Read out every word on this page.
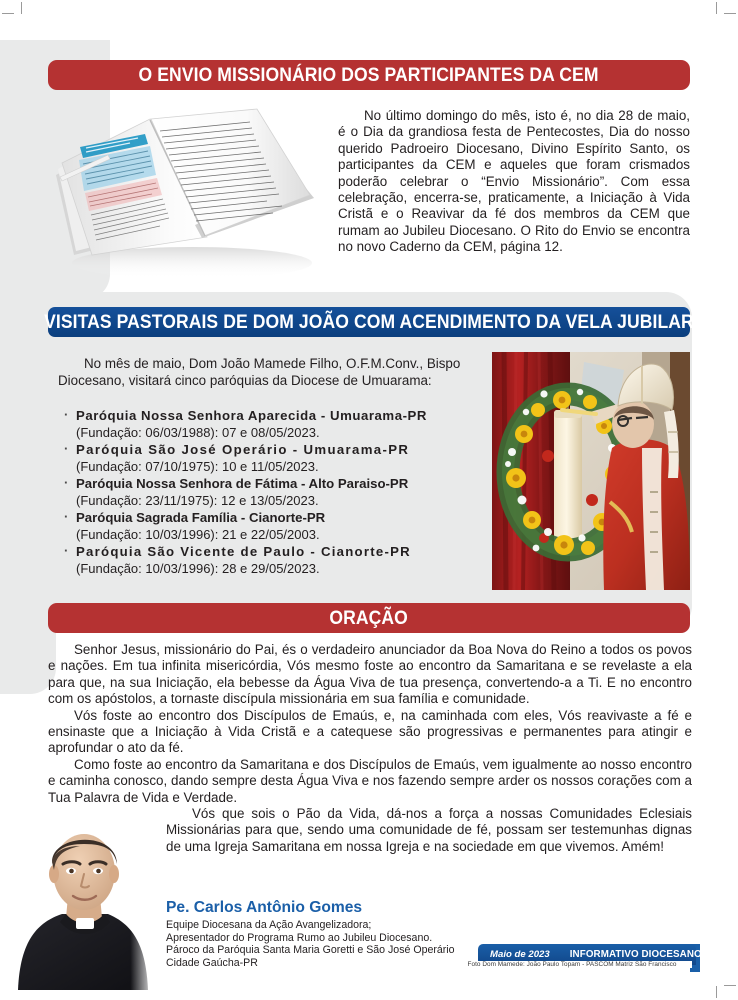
O ENVIO MISSIONÁRIO DOS PARTICIPANTES DA CEM
No último domingo do mês, isto é, no dia 28 de maio, é o Dia da grandiosa festa de Pentecostes, Dia do nosso querido Padroeiro Diocesano, Divino Espírito Santo, os participantes da CEM e aqueles que foram crismados poderão celebrar o “Envio Missionário”. Com essa celebração, encerra-se, praticamente, a Iniciação à Vida Cristã e o Reavivar da fé dos membros da CEM que rumam ao Jubileu Diocesano. O Rito do Envio se encontra no novo Caderno da CEM, página 12.
VISITAS PASTORAIS DE DOM JOÃO COM ACENDIMENTO DA VELA JUBILAR
No mês de maio, Dom João Mamede Filho, O.F.M.Conv., Bispo Diocesano, visitará cinco paróquias da Diocese de Umuarama:
· Paróquia Nossa Senhora Aparecida - Umuarama-PR
(Fundação: 06/03/1988): 07 e 08/05/2023.
· Paróquia São José Operário - Umuarama-PR
(Fundação: 07/10/1975): 10 e 11/05/2023.
· Paróquia Nossa Senhora de Fátima - Alto Paraiso-PR
(Fundação: 23/11/1975): 12 e 13/05/2023.
· Paróquia Sagrada Família - Cianorte-PR
(Fundação: 10/03/1996): 21 e 22/05/2003.
· Paróquia São Vicente de Paulo - Cianorte-PR
(Fundação: 10/03/1996): 28 e 29/05/2023.
ORAÇÃO

Senhor Jesus, missionário do Pai, és o verdadeiro anunciador da Boa Nova do Reino a todos os povos e nações. Em tua infinita misericórdia, Vós mesmo foste ao encontro da Samaritana e se revelaste a ela para que, na sua Iniciação, ela bebesse da Água Viva de tua presença, convertendo-a a Ti. E no encontro com os apóstolos, a tornaste discípula missionária em sua família e comunidade.

Vós foste ao encontro dos Discípulos de Emaús, e, na caminhada com eles, Vós reavivaste a fé e ensinaste que a Iniciação à Vida Cristã e a catequese são progressivas e permanentes para atingir e aprofundar o ato da fé.

Como foste ao encontro da Samaritana e dos Discípulos de Emaús, vem igualmente ao nosso encontro e caminha conosco, dando sempre desta Água Viva e nos fazendo sempre arder os nossos corações com a Tua Palavra de Vida e Verdade.

Vós que sois o Pão da Vida, dá-nos a força a nossas Comunidades Eclesiais Missionárias para que, sendo uma comunidade de fé, possam ser testemunhas dignas de uma Igreja Samaritana em nossa Igreja e na sociedade em que vivemos. Amém!

Pe. Carlos Antônio Gomes
Equipe Diocesana da Ação Avangelizadora;
Apresentador do Programa Rumo ao Jubileu Diocesano.
Pároco da Paróquia Santa Maria Goretti e São José Operário
Cidade Gaúcha-PR
Maio de 2023	INFORMATIVO DIOCESANO 11
Foto Dom Mamede: João Paulo Topam - PASCOM Matriz São Francisco
